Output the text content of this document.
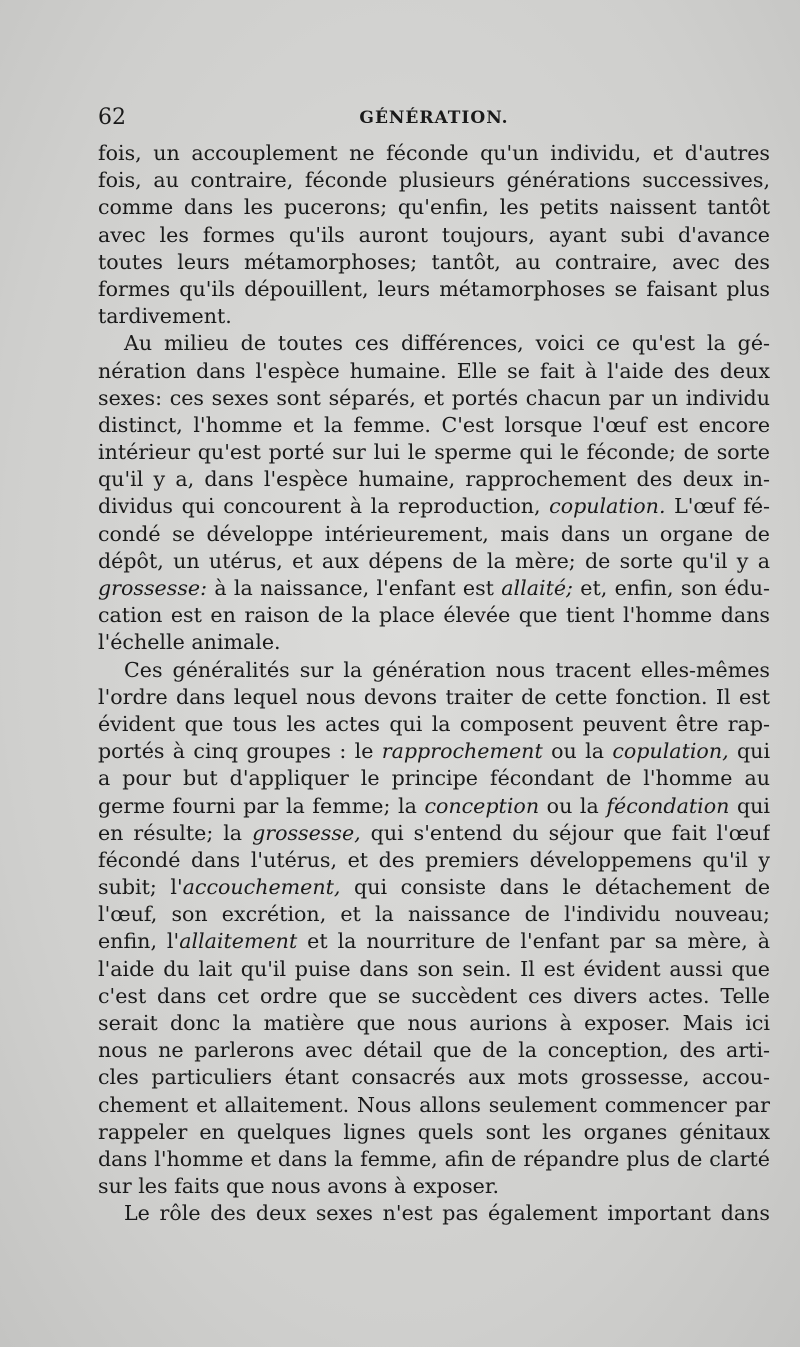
62	GÉNÉRATION.
fois, un accouplement ne féconde qu'un individu, et d'autres
fois, au contraire, féconde plusieurs générations successives,
comme dans les pucerons; qu'enfin, les petits naissent tantôt
avec les formes qu'ils auront toujours, ayant subi d'avance
toutes leurs métamorphoses; tantôt, au contraire, avec des
formes qu'ils dépouillent, leurs métamorphoses se faisant plus
tardivement.
Au milieu de toutes ces différences, voici ce qu'est la gé-
nération dans l'espèce humaine. Elle se fait à l'aide des deux
sexes: ces sexes sont séparés, et portés chacun par un individu
distinct, l'homme et la femme. C'est lorsque l'œuf est encore
intérieur qu'est porté sur lui le sperme qui le féconde; de sorte
qu'il y a, dans l'espèce humaine, rapprochement des deux in-
dividus qui concourent à la reproduction, copulation. L'œuf fé-
condé se développe intérieurement, mais dans un organe de
dépôt, un utérus, et aux dépens de la mère; de sorte qu'il y a
grossesse: à la naissance, l'enfant est allaité; et, enfin, son édu-
cation est en raison de la place élevée que tient l'homme dans
l'échelle animale.
Ces généralités sur la génération nous tracent elles-mêmes
l'ordre dans lequel nous devons traiter de cette fonction. Il est
évident que tous les actes qui la composent peuvent être rap-
portés à cinq groupes : le rapprochement ou la copulation, qui
a pour but d'appliquer le principe fécondant de l'homme au
germe fourni par la femme; la conception ou la fécondation qui
en résulte; la grossesse, qui s'entend du séjour que fait l'œuf
fécondé dans l'utérus, et des premiers développemens qu'il y
subit; l'accouchement, qui consiste dans le détachement de
l'œuf, son excrétion, et la naissance de l'individu nouveau;
enfin, l'allaitement et la nourriture de l'enfant par sa mère, à
l'aide du lait qu'il puise dans son sein. Il est évident aussi que
c'est dans cet ordre que se succèdent ces divers actes. Telle
serait donc la matière que nous aurions à exposer. Mais ici
nous ne parlerons avec détail que de la conception, des arti-
cles particuliers étant consacrés aux mots grossesse, accou-
chement et allaitement. Nous allons seulement commencer par
rappeler en quelques lignes quels sont les organes génitaux
dans l'homme et dans la femme, afin de répandre plus de clarté
sur les faits que nous avons à exposer.
Le rôle des deux sexes n'est pas également important dans
